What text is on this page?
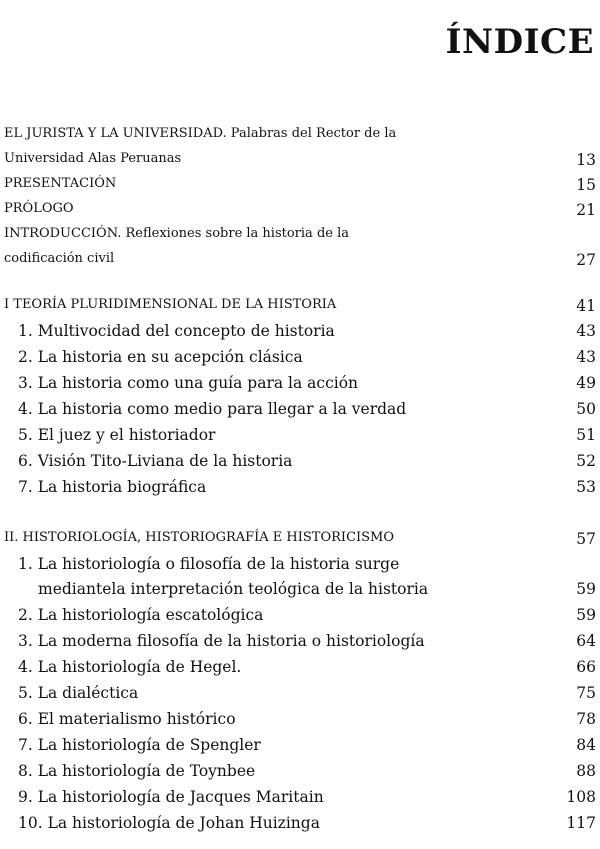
ÍNDICE
EL JURISTA Y LA UNIVERSIDAD. Palabras del Rector de la
Universidad Alas Peruanas	13
PRESENTACIÓN	15
PRÓLOGO	21
INTRODUCCIÓN. Reflexiones sobre la historia de la
codificación civil	27
I TEORÍA PLURIDIMENSIONAL DE LA HISTORIA	41
1. Multivocidad del concepto de historia	43
2. La historia en su acepción clásica	43
3. La historia como una guía para la acción	49
4. La historia como medio para llegar a la verdad	50
5. El juez y el historiador	51
6. Visión Tito-Liviana de la historia	52
7. La historia biográfica	53
II. HISTORIOLOGÍA, HISTORIOGRAFÍA E HISTORICISMO	57
1. La historiología o filosofía de la historia surge
mediantela interpretación teológica de la historia	59
2. La historiología escatológica	59
3. La moderna filosofía de la historia o historiología	64
4. La historiología de Hegel.	66
5. La dialéctica	75
6. El materialismo histórico	78
7. La historiología de Spengler	84
8. La historiología de Toynbee	88
9. La historiología de Jacques Maritain	108
10. La historiología de Johan Huizinga	117
